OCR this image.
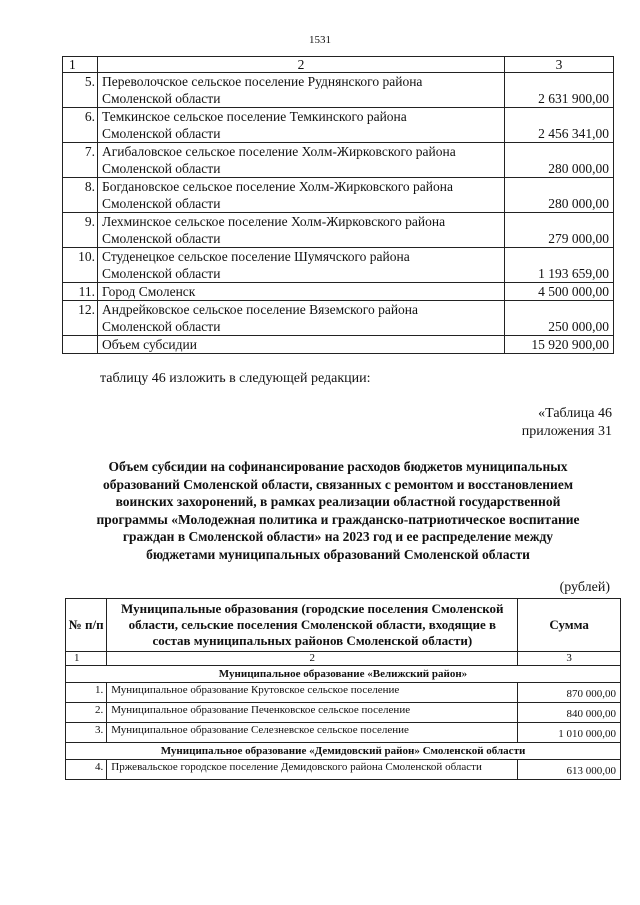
1531
1	2	3
5.	Переволочское сельское поселение Руднянского района
Смоленской области	2 631 900,00
6.	Темкинское сельское поселение Темкинского района
Смоленской области	2 456 341,00
7.	Агибаловское сельское поселение Холм-Жирковского района
Смоленской области	280 000,00
8.	Богдановское сельское поселение Холм-Жирковского района
Смоленской области	280 000,00
9.	Лехминское сельское поселение Холм-Жирковского района
Смоленской области	279 000,00
10.	Студенецкое сельское поселение Шумячского района
Смоленской области	1 193 659,00
11.	Город Смоленск	4 500 000,00
12.	Андрейковское сельское поселение Вяземского района
Смоленской области	250 000,00
	Объем субсидии	15 920 900,00
таблицу 46 изложить в следующей редакции:
«Таблица 46
приложения 31
Объем субсидии на софинансирование расходов бюджетов муниципальных
образований Смоленской области, связанных с ремонтом и восстановлением
воинских захоронений, в рамках реализации областной государственной
программы «Молодежная политика и гражданско-патриотическое воспитание
граждан в Смоленской области» на 2023 год и ее распределение между
бюджетами муниципальных образований Смоленской области
(рублей)
№ п/п	Муниципальные образования (городские поселения Смоленской области, сельские поселения Смоленской области, входящие в состав муниципальных районов Смоленской области)	Сумма
1	2	3
Муниципальное образование «Велижский район»		
1.	Муниципальное образование Крутовское сельское поселение	870 000,00
2.	Муниципальное образование Печенковское сельское поселение	840 000,00
3.	Муниципальное образование Селезневское сельское поселение	1 010 000,00
Муниципальное образование «Демидовский район» Смоленской области		
4.	Пржевальское городское поселение Демидовского района Смоленской области	613 000,00
